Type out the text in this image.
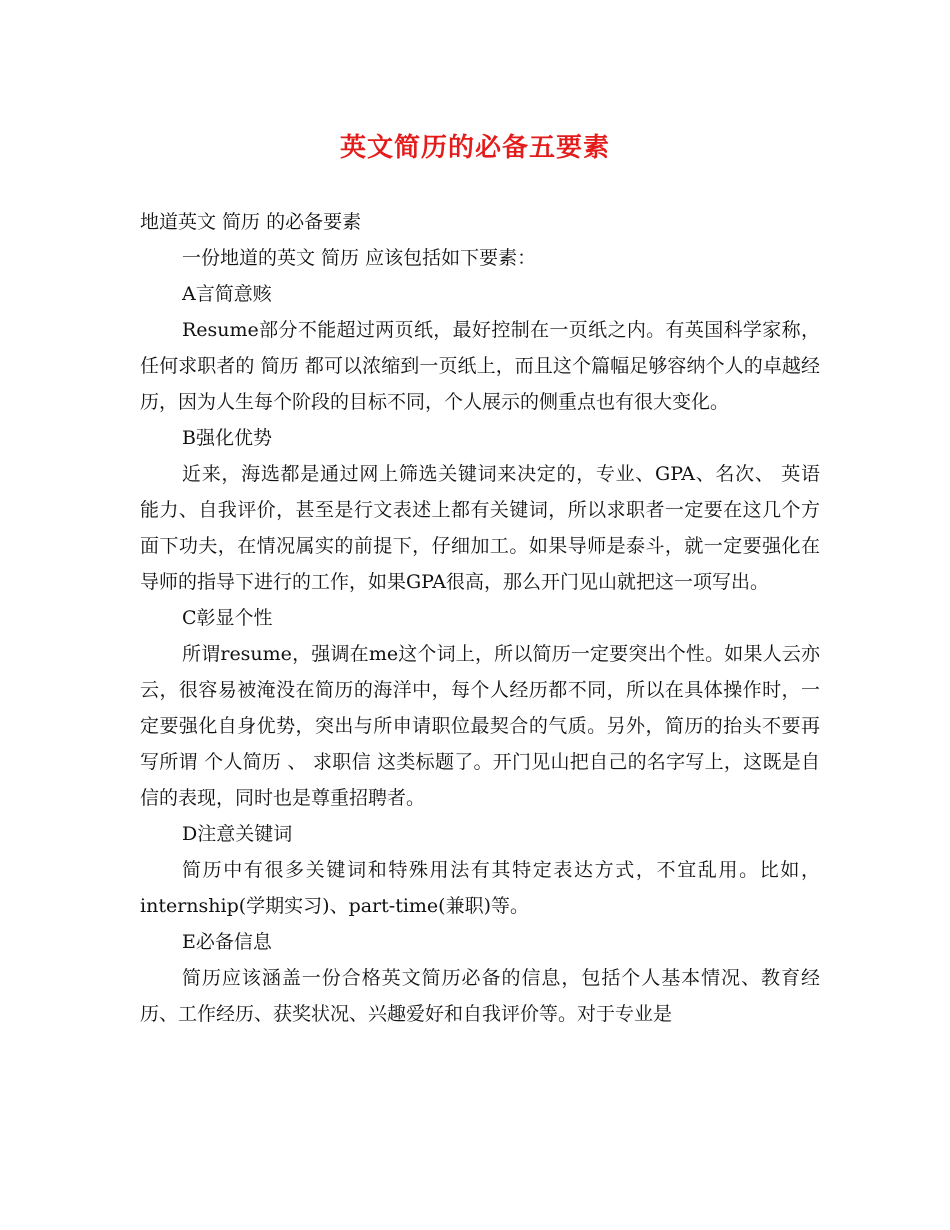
英文简历的必备五要素

地道英文 简历 的必备要素

一份地道的英文 简历 应该包括如下要素：

A言简意赅

Resume部分不能超过两页纸，最好控制在一页纸之内。有英国科学家称，任何求职者的 简历 都可以浓缩到一页纸上，而且这个篇幅足够容纳个人的卓越经历，因为人生每个阶段的目标不同，个人展示的侧重点也有很大变化。

B强化优势

近来，海选都是通过网上筛选关键词来决定的，专业、GPA、名次、 英语 能力、自我评价，甚至是行文表述上都有关键词，所以求职者一定要在这几个方面下功夫，在情况属实的前提下，仔细加工。如果导师是泰斗，就一定要强化在导师的指导下进行的工作，如果GPA很高，那么开门见山就把这一项写出。

C彰显个性

所谓resume，强调在me这个词上，所以简历一定要突出个性。如果人云亦云，很容易被淹没在简历的海洋中，每个人经历都不同，所以在具体操作时，一定要强化自身优势，突出与所申请职位最契合的气质。另外，简历的抬头不要再写所谓 个人简历 、 求职信 这类标题了。开门见山把自己的名字写上，这既是自信的表现，同时也是尊重招聘者。

D注意关键词

简历中有很多关键词和特殊用法有其特定表达方式，不宜乱用。比如，internship(学期实习)、part-time(兼职)等。

E必备信息

简历应该涵盖一份合格英文简历必备的信息，包括个人基本情况、教育经历、工作经历、获奖状况、兴趣爱好和自我评价等。对于专业是
